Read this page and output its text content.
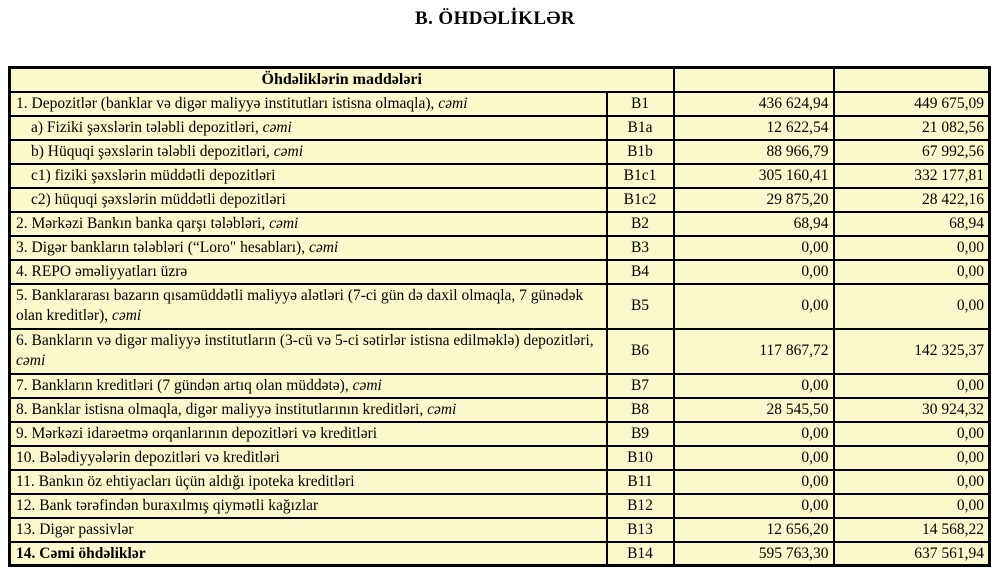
B. ÖHDƏLİKLƏR
Öhdəliklərin maddələri			
1. Depozitlər (banklar və digər maliyyə institutları istisna olmaqla), cəmi	B1	436 624,94	449 675,09
a) Fiziki şəxslərin tələbli depozitləri, cəmi	B1a	12 622,54	21 082,56
b) Hüquqi şəxslərin tələbli depozitləri, cəmi	B1b	88 966,79	67 992,56
c1) fiziki şəxslərin müddətli depozitləri	B1c1	305 160,41	332 177,81
c2) hüquqi şəxslərin müddətli depozitləri	B1c2	29 875,20	28 422,16
2. Mərkəzi Bankın banka qarşı tələbləri, cəmi	B2	68,94	68,94
3. Digər bankların tələbləri (“Loro" hesabları), cəmi	B3	0,00	0,00
4. REPO əməliyyatları üzrə	B4	0,00	0,00
5. Banklararası bazarın qısamüddətli maliyyə alətləri (7-ci gün də daxil olmaqla, 7 günədək olan kreditlər), cəmi	B5	0,00	0,00
6. Bankların və digər maliyyə institutların (3-cü və 5-ci sətirlər istisna edilməklə) depozitləri, cəmi	B6	117 867,72	142 325,37
7. Bankların kreditləri (7 gündən artıq olan müddətə), cəmi	B7	0,00	0,00
8. Banklar istisna olmaqla, digər maliyyə institutlarının kreditləri, cəmi	B8	28 545,50	30 924,32
9. Mərkəzi idarəetmə orqanlarının depozitləri və kreditləri	B9	0,00	0,00
10. Bələdiyyələrin depozitləri və kreditləri	B10	0,00	0,00
11. Bankın öz ehtiyacları üçün aldığı ipoteka kreditləri	B11	0,00	0,00
12. Bank tərəfindən buraxılmış qiymətli kağızlar	B12	0,00	0,00
13. Digər passivlər	B13	12 656,20	14 568,22
14. Cəmi öhdəliklər	B14	595 763,30	637 561,94
